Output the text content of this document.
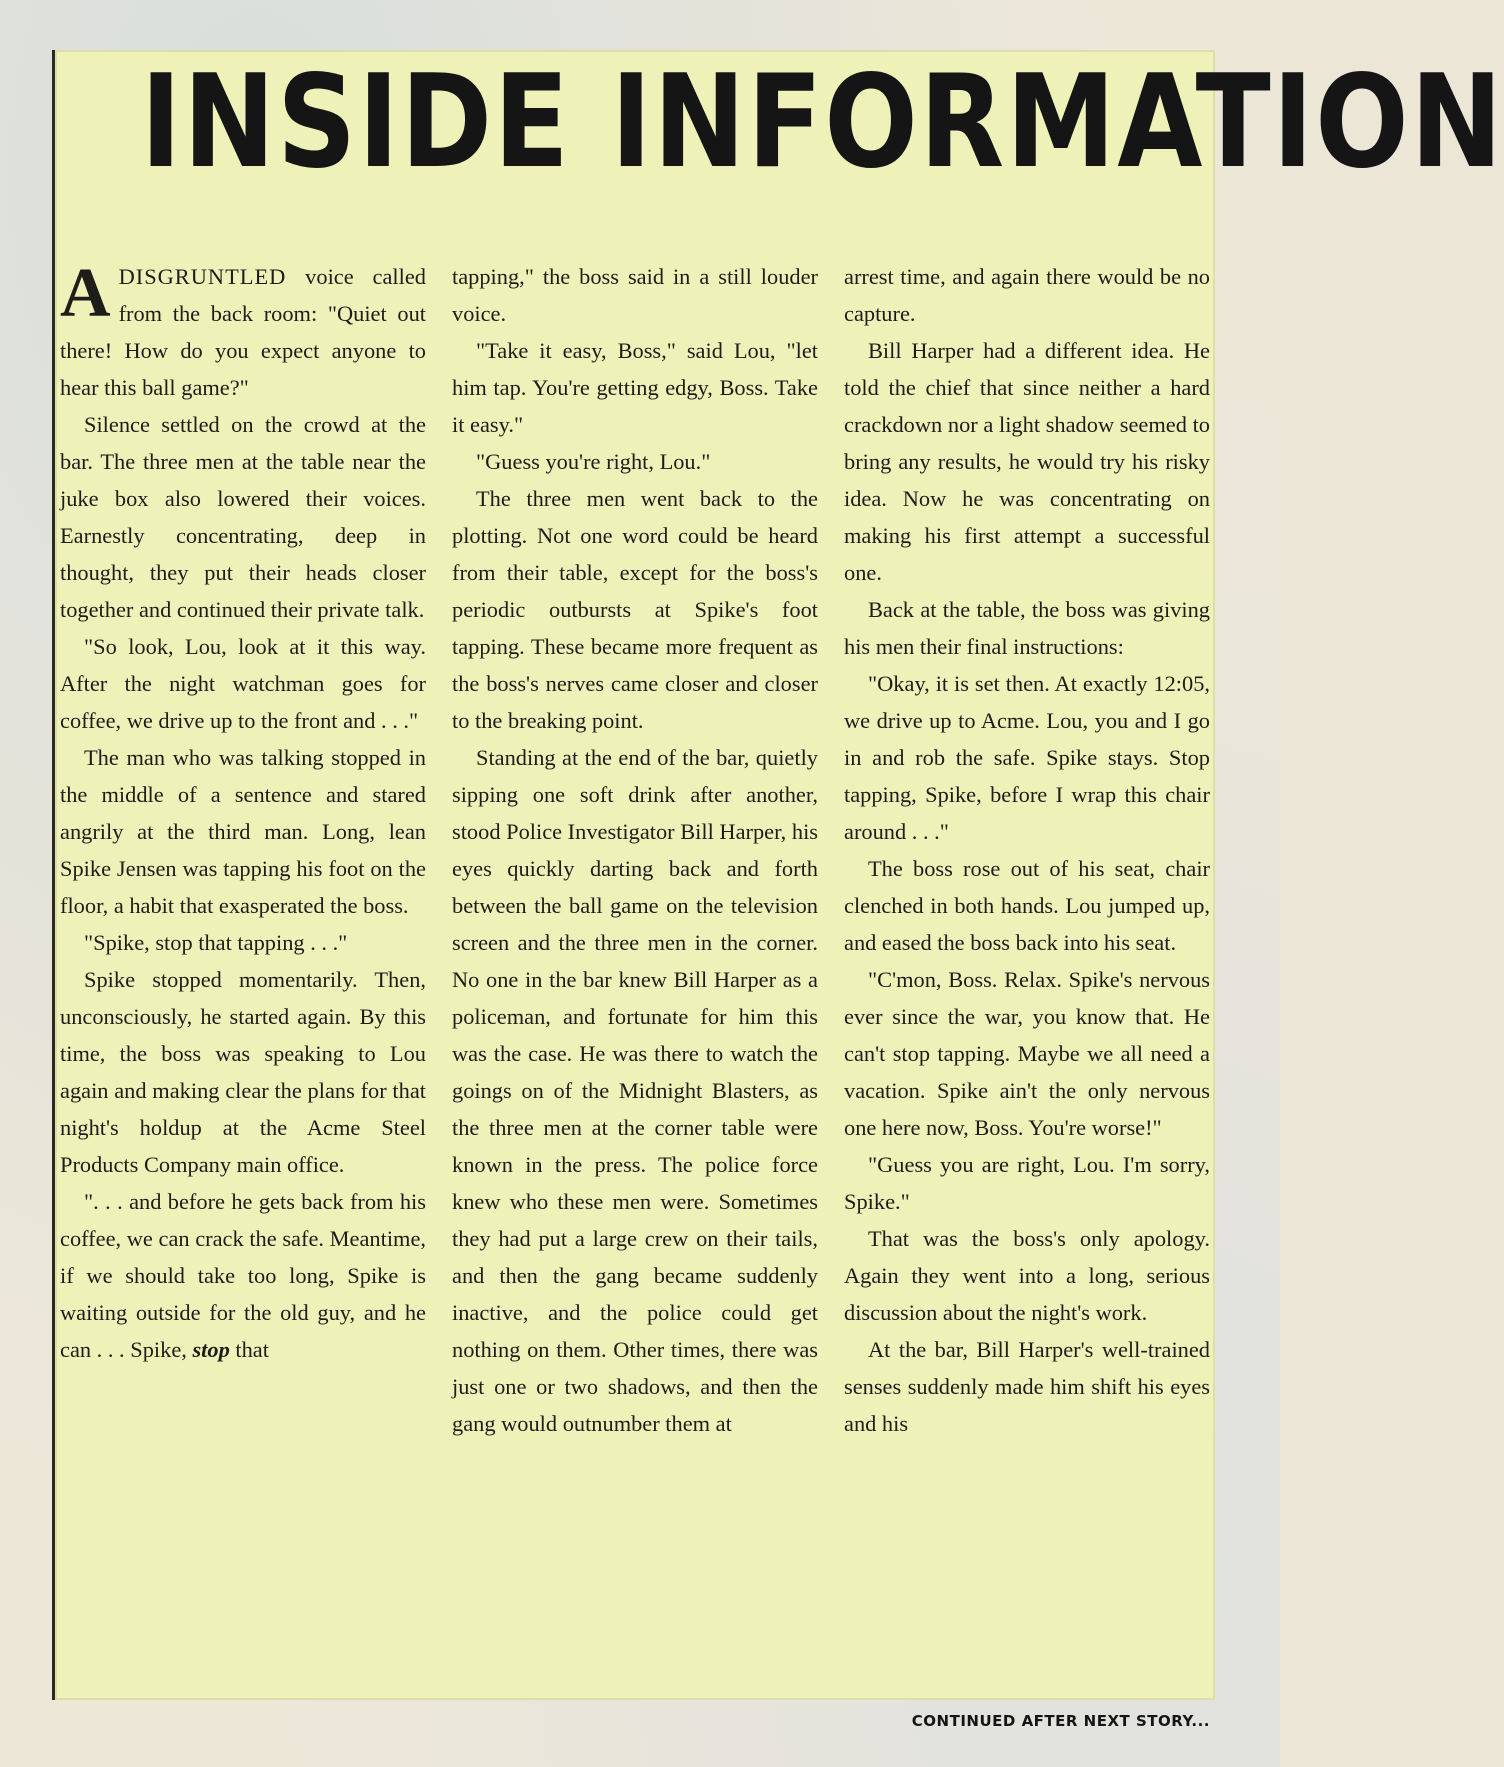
INSIDE INFORMATION

ADISGRUNTLED voice called from the back room: "Quiet out there! How do you expect anyone to hear this ball game?"

Silence settled on the crowd at the bar. The three men at the table near the juke box also lowered their voices. Earnestly concentrating, deep in thought, they put their heads closer together and continued their private talk.

"So look, Lou, look at it this way. After the night watchman goes for coffee, we drive up to the front and . . ."

The man who was talking stopped in the middle of a sentence and stared angrily at the third man. Long, lean Spike Jensen was tapping his foot on the floor, a habit that exasperated the boss.

"Spike, stop that tapping . . ."

Spike stopped momentarily. Then, unconsciously, he started again. By this time, the boss was speaking to Lou again and making clear the plans for that night's holdup at the Acme Steel Products Company main office.

". . . and before he gets back from his coffee, we can crack the safe. Meantime, if we should take too long, Spike is waiting outside for the old guy, and he can . . . Spike, stop that

tapping," the boss said in a still louder voice.

"Take it easy, Boss," said Lou, "let him tap. You're getting edgy, Boss. Take it easy."

"Guess you're right, Lou."

The three men went back to the plotting. Not one word could be heard from their table, except for the boss's periodic outbursts at Spike's foot tapping. These became more frequent as the boss's nerves came closer and closer to the breaking point.

Standing at the end of the bar, quietly sipping one soft drink after another, stood Police Investigator Bill Harper, his eyes quickly darting back and forth between the ball game on the television screen and the three men in the corner. No one in the bar knew Bill Harper as a policeman, and fortunate for him this was the case. He was there to watch the goings on of the Midnight Blasters, as the three men at the corner table were known in the press. The police force knew who these men were. Sometimes they had put a large crew on their tails, and then the gang became suddenly inactive, and the police could get nothing on them. Other times, there was just one or two shadows, and then the gang would outnumber them at

arrest time, and again there would be no capture.

Bill Harper had a different idea. He told the chief that since neither a hard crackdown nor a light shadow seemed to bring any results, he would try his risky idea. Now he was concentrating on making his first attempt a successful one.

Back at the table, the boss was giving his men their final instructions:

"Okay, it is set then. At exactly 12:05, we drive up to Acme. Lou, you and I go in and rob the safe. Spike stays. Stop tapping, Spike, before I wrap this chair around . . ."

The boss rose out of his seat, chair clenched in both hands. Lou jumped up, and eased the boss back into his seat.

"C'mon, Boss. Relax. Spike's nervous ever since the war, you know that. He can't stop tapping. Maybe we all need a vacation. Spike ain't the only nervous one here now, Boss. You're worse!"

"Guess you are right, Lou. I'm sorry, Spike."

That was the boss's only apology. Again they went into a long, serious discussion about the night's work.

At the bar, Bill Harper's well-trained senses suddenly made him shift his eyes and his

CONTINUED AFTER NEXT STORY...
